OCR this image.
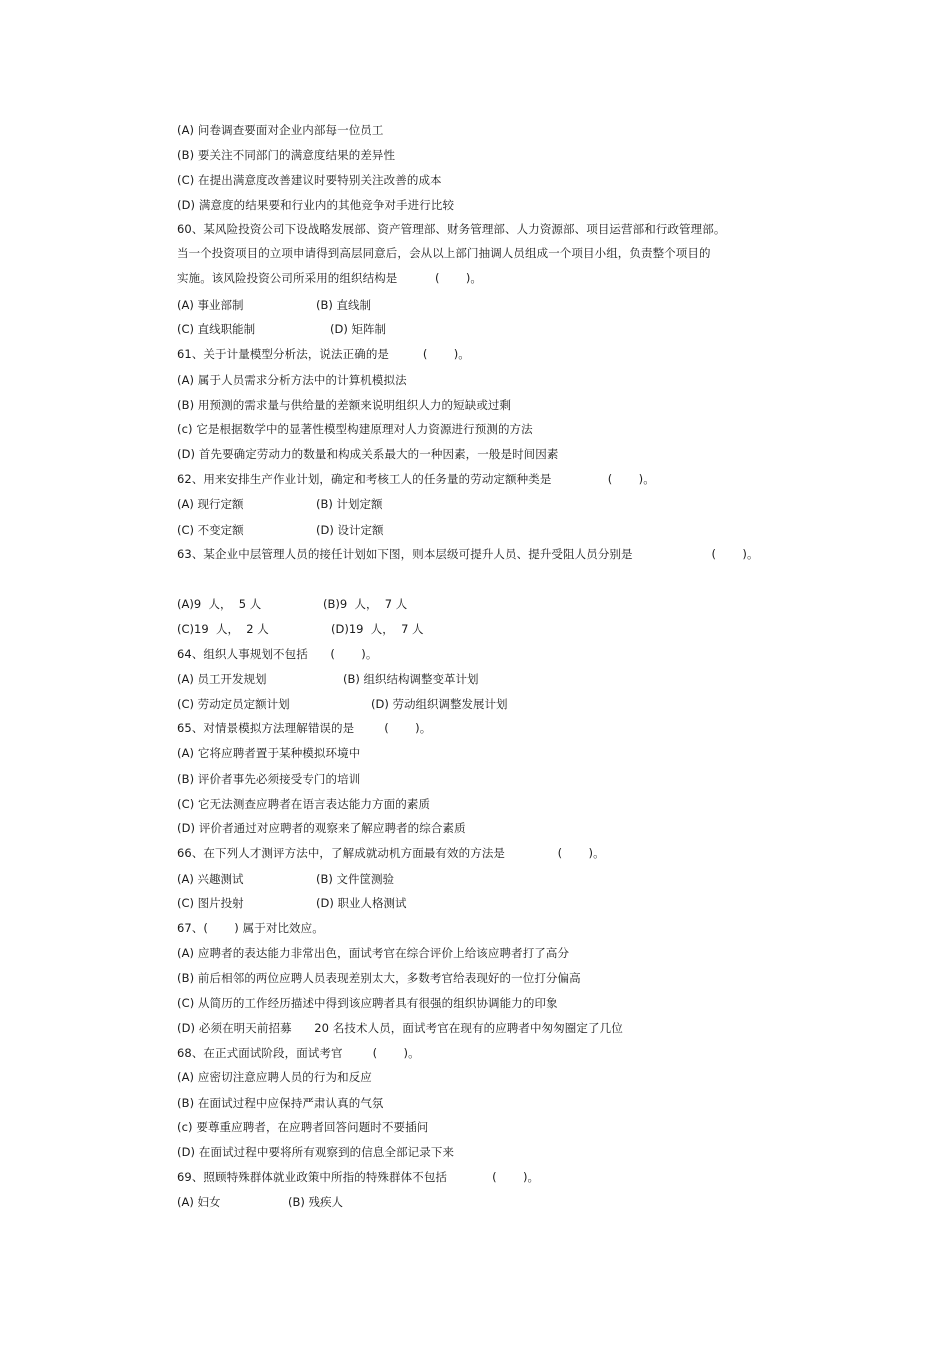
(A) 问卷调查要面对企业内部每一位员工
(B) 要关注不同部门的满意度结果的差异性
(C) 在提出满意度改善建议时要特别关注改善的成本
(D) 满意度的结果要和行业内的其他竞争对手进行比较
60、某风险投资公司下设战略发展部、资产管理部、财务管理部、人力资源部、项目运营部和行政管理部。
当一个投资项目的立项申请得到高层同意后，会从以上部门抽调人员组成一个项目小组，负责整个项目的
实施。该风险投资公司所采用的组织结构是          (       )。
(A) 事业部制	(B) 直线制
(C) 直线职能制	(D) 矩阵制
61、关于计量模型分析法，说法正确的是         (       )。
(A) 属于人员需求分析方法中的计算机模拟法
(B) 用预测的需求量与供给量的差额来说明组织人力的短缺或过剩
(c) 它是根据数学中的显著性模型构建原理对人力资源进行预测的方法
(D) 首先要确定劳动力的数量和构成关系最大的一种因素，一般是时间因素
62、用来安排生产作业计划，确定和考核工人的任务量的劳动定额种类是               (       )。
(A) 现行定额	(B) 计划定额
(C) 不变定额	(D) 设计定额
63、某企业中层管理人员的接任计划如下图，则本层级可提升人员、提升受阻人员分别是                     (       )。
(A)9  人，  5 人	(B)9  人，  7 人
(C)19  人，  2 人	(D)19  人，  7 人
64、组织人事规划不包括      (       )。
(A) 员工开发规划	(B) 组织结构调整变革计划
(C) 劳动定员定额计划	(D) 劳动组织调整发展计划
65、对情景模拟方法理解错误的是        (       )。
(A) 它将应聘者置于某种模拟环境中
(B) 评价者事先必须接受专门的培训
(C) 它无法测查应聘者在语言表达能力方面的素质
(D) 评价者通过对应聘者的观察来了解应聘者的综合素质
66、在下列人才测评方法中，了解成就动机方面最有效的方法是              (       )。
(A) 兴趣测试	(B) 文件筐测验
(C) 图片投射	(D) 职业人格测试
67、(       ) 属于对比效应。
(A) 应聘者的表达能力非常出色，面试考官在综合评价上给该应聘者打了高分
(B) 前后相邻的两位应聘人员表现差别太大，多数考官给表现好的一位打分偏高
(C) 从简历的工作经历描述中得到该应聘者具有很强的组织协调能力的印象
(D) 必须在明天前招募      20 名技术人员，面试考官在现有的应聘者中匆匆圈定了几位
68、在正式面试阶段，面试考官        (       )。
(A) 应密切注意应聘人员的行为和反应
(B) 在面试过程中应保持严肃认真的气氛
(c) 要尊重应聘者，在应聘者回答问题时不要插问
(D) 在面试过程中要将所有观察到的信息全部记录下来
69、照顾特殊群体就业政策中所指的特殊群体不包括            (       )。
(A) 妇女	(B) 残疾人
